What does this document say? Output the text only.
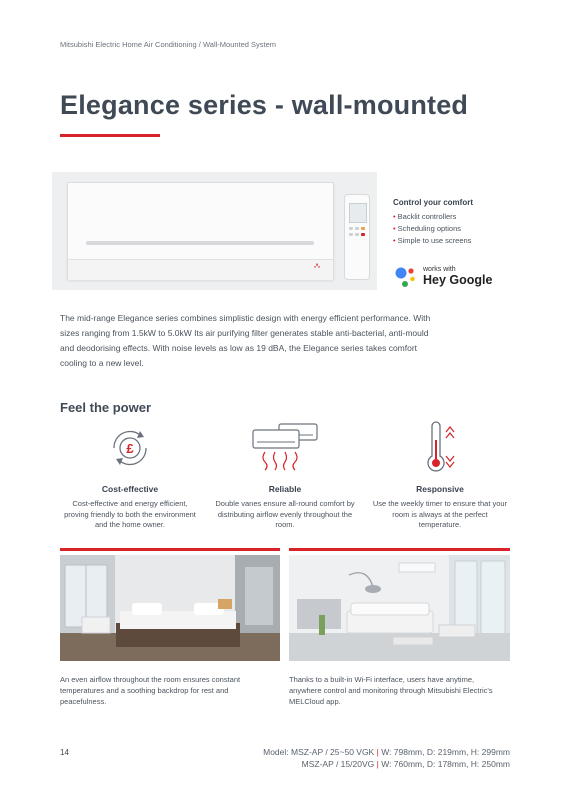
Mitsubishi Electric Home Air Conditioning / Wall-Mounted System
Elegance series - wall-mounted
Control your comfort
• Backlit controllers
• Scheduling options
• Simple to use screens
works with
Hey Google
The mid-range Elegance series combines simplistic design with energy efficient performance. With sizes ranging from 1.5kW to 5.0kW Its air purifying filter generates stable anti-bacterial, anti-mould and deodorising effects. With noise levels as low as 19 dBA, the Elegance series takes comfort cooling to a new level.
Feel the power
£
Cost-effective
Cost-effective and energy efficient, proving friendly to both the environment and the home owner.
Reliable
Double vanes ensure all-round comfort by distributing airflow evenly throughout the room.
Responsive
Use the weekly timer to ensure that your room is always at the perfect temperature.
An even airflow throughout the room ensures constant temperatures and a soothing backdrop for rest and peacefulness.
Thanks to a built-in Wi-Fi interface, users have anytime, anywhere control and monitoring through Mitsubishi Electric's MELCloud app.
14	Model: MSZ-AP / 25~50 VGK | W: 798mm, D: 219mm, H: 299mm
MSZ-AP / 15/20VG | W: 760mm, D: 178mm, H: 250mm
